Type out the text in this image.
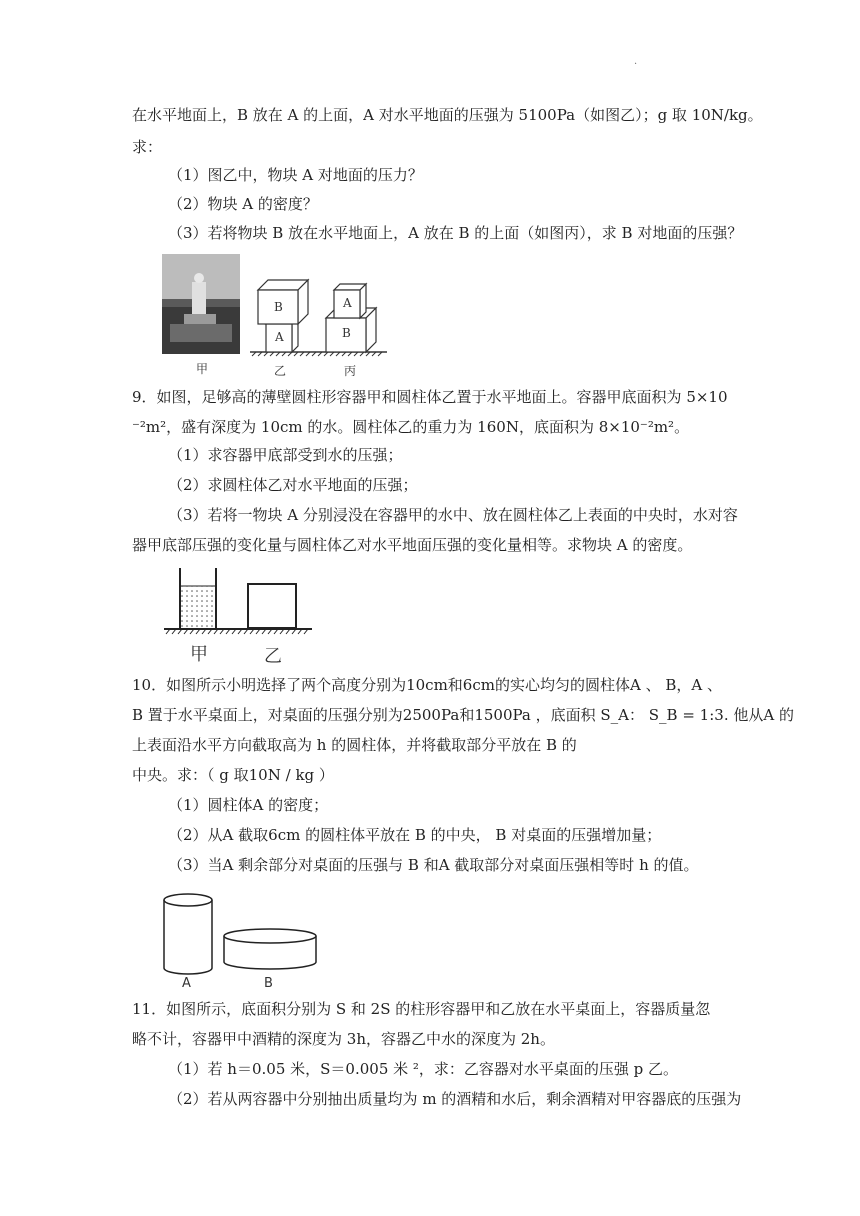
·
在水平地面上，B 放在 A 的上面，A 对水平地面的压强为 5100Pa（如图乙）；g 取 10N/kg。
求：
（1）图乙中，物块 A 对地面的压力？
（2）物块 A 的密度？
（3）若将物块 B 放在水平地面上，A 放在 B 的上面（如图丙），求 B 对地面的压强？
B
A
A
B
甲	乙	丙
9．如图，足够高的薄壁圆柱形容器甲和圆柱体乙置于水平地面上。容器甲底面积为 5×10
⁻²m²，盛有深度为 10cm 的水。圆柱体乙的重力为 160N，底面积为 8×10⁻²m²。
（1）求容器甲底部受到水的压强；
（2）求圆柱体乙对水平地面的压强；
（3）若将一物块 A 分别浸没在容器甲的水中、放在圆柱体乙上表面的中央时，水对容
器甲底部压强的变化量与圆柱体乙对水平地面压强的变化量相等。求物块 A 的密度。
甲	乙
10．如图所示小明选择了两个高度分别为10cm和6cm的实心均匀的圆柱体A 、 B，A 、
B 置于水平桌面上，对桌面的压强分别为2500Pa和1500Pa ，底面积 S_A： S_B = 1:3. 他从A 的
上表面沿水平方向截取高为 h 的圆柱体，并将截取部分平放在 B 的
中央。求：（ g 取10N / kg ）
（1）圆柱体A 的密度；
（2）从A 截取6cm 的圆柱体平放在 B 的中央， B 对桌面的压强增加量；
（3）当A 剩余部分对桌面的压强与 B 和A 截取部分对桌面压强相等时 h 的值。
A	B
11．如图所示，底面积分别为 S 和 2S 的柱形容器甲和乙放在水平桌面上，容器质量忽
略不计，容器甲中酒精的深度为 3h，容器乙中水的深度为 2h。
（1）若 h＝0.05 米，S＝0.005 米 ²，求：乙容器对水平桌面的压强 p 乙。
（2）若从两容器中分别抽出质量均为 m 的酒精和水后，剩余酒精对甲容器底的压强为
